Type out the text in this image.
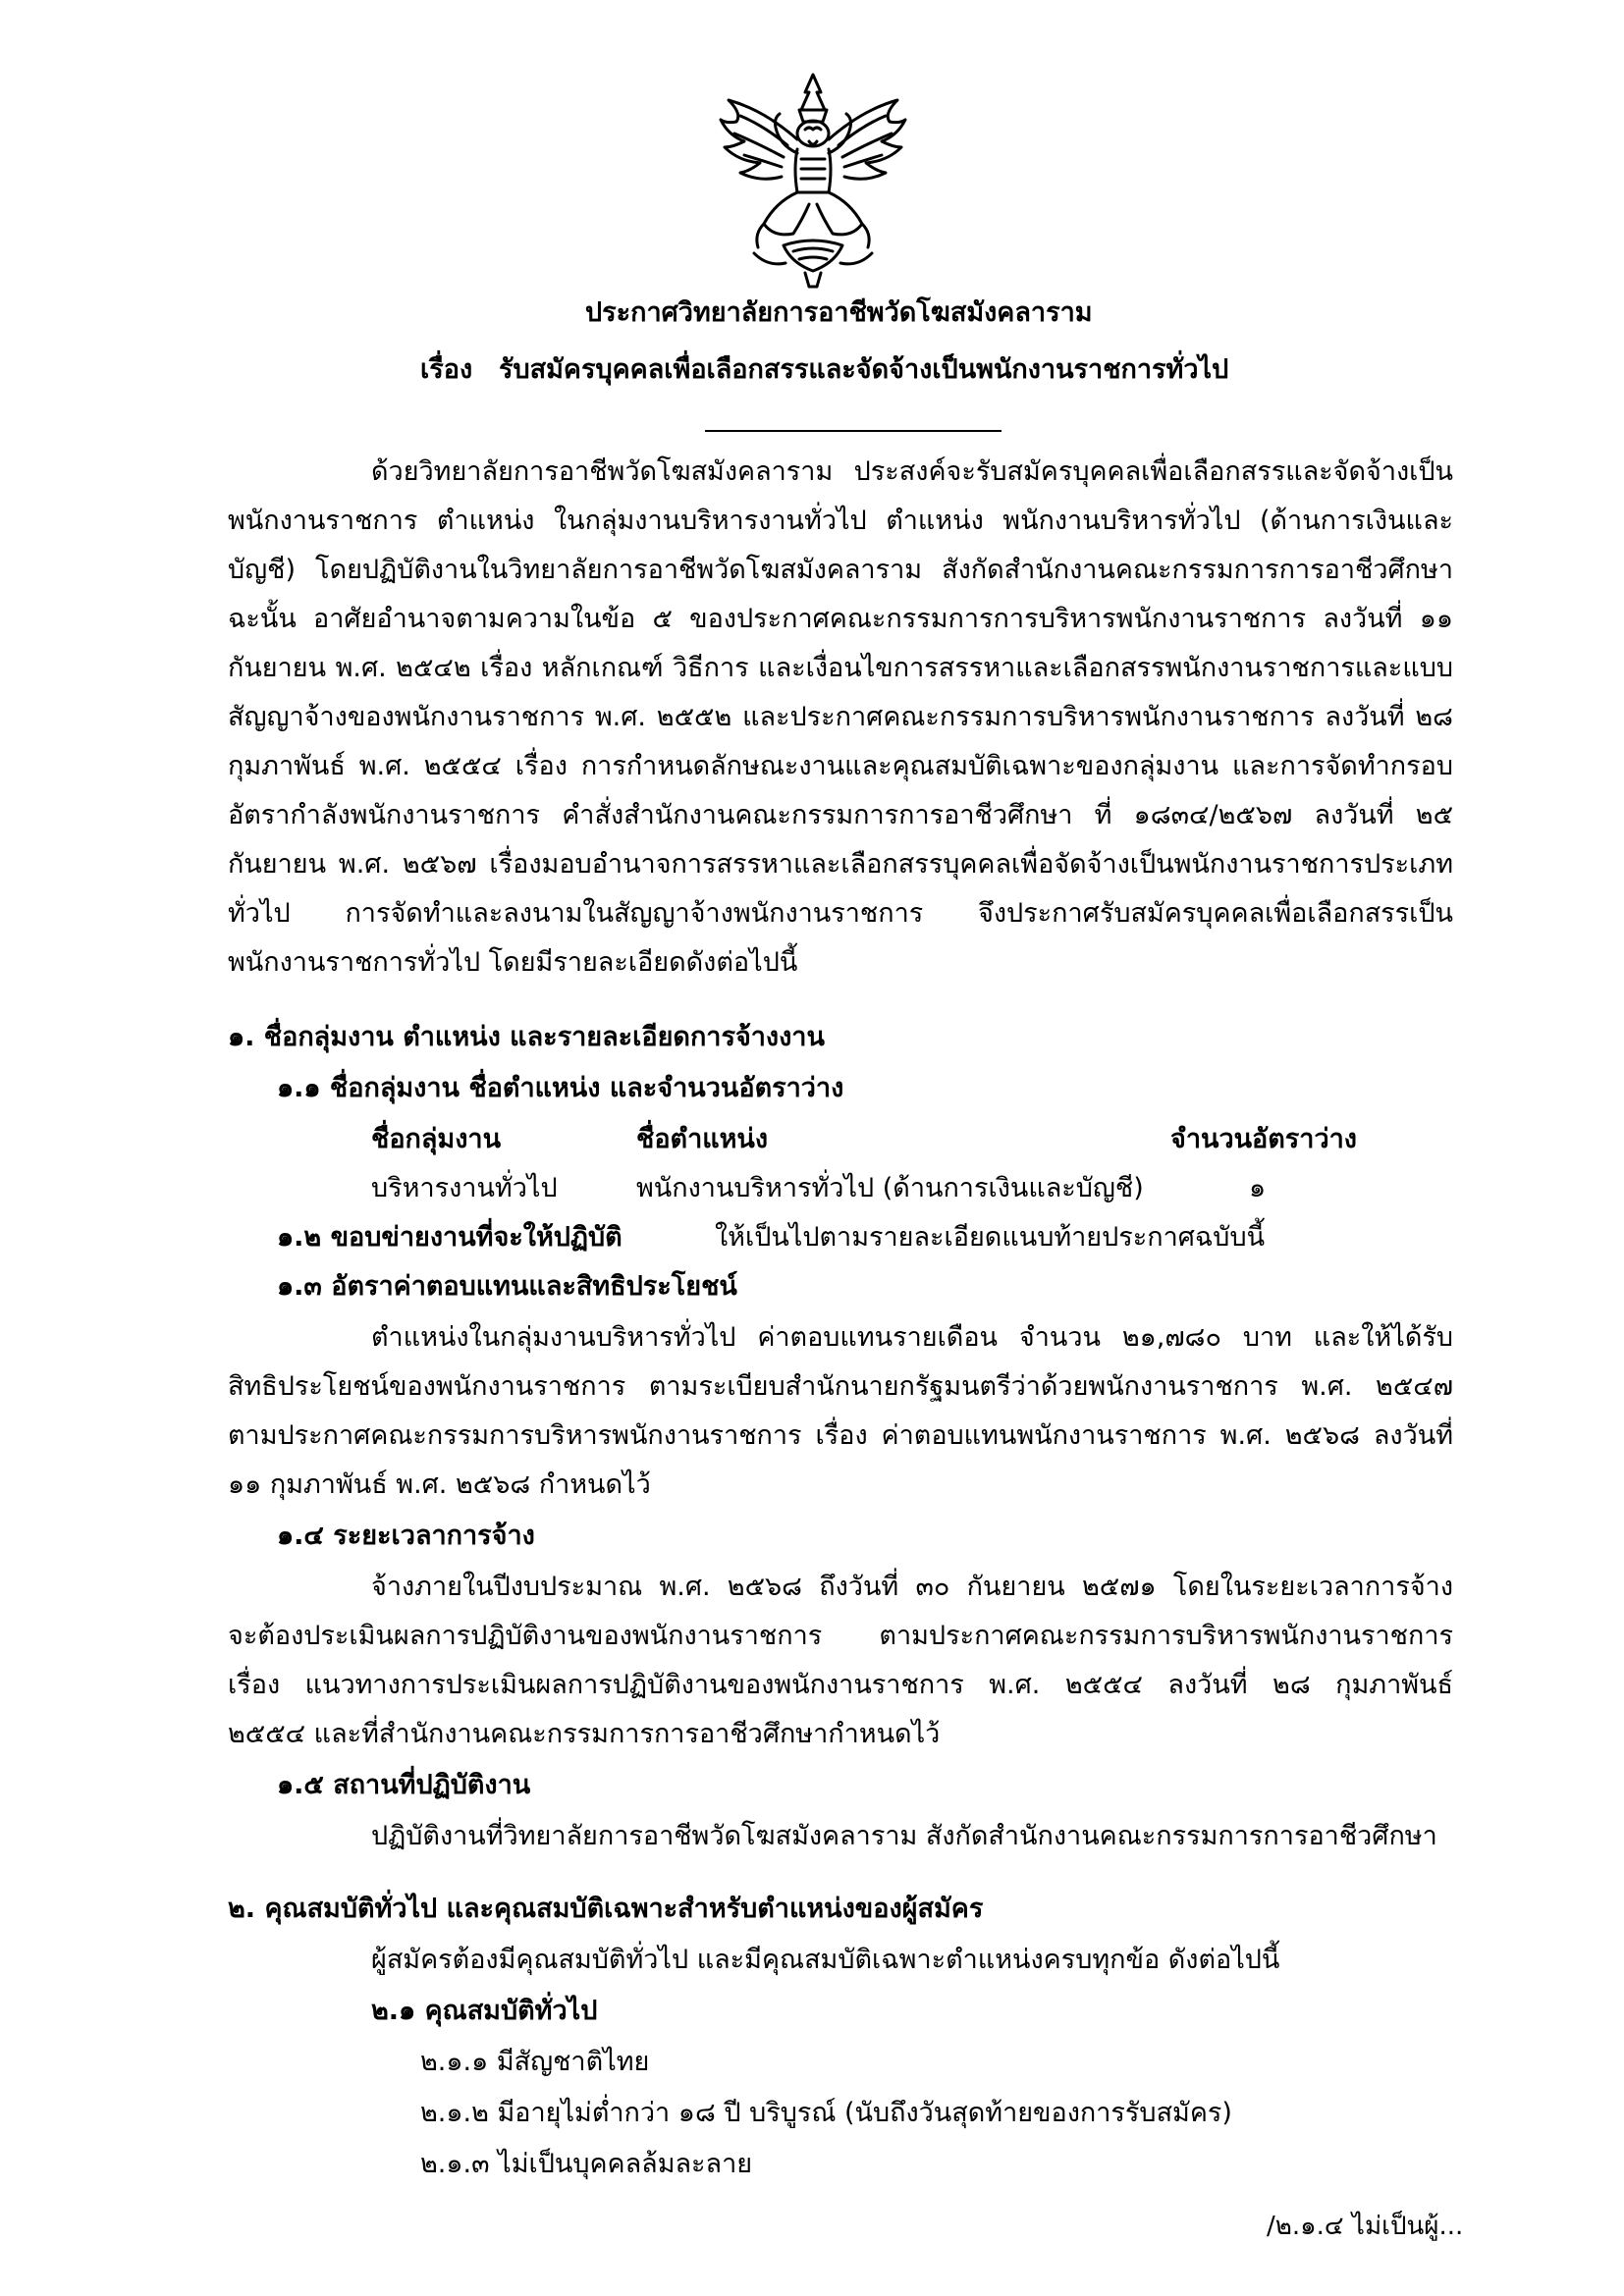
ประกาศวิทยาลัยการอาชีพวัดโฆสมังคลาราม
เรื่อง รับสมัครบุคคลเพื่อเลือกสรรและจัดจ้างเป็นพนักงานราชการทั่วไป
ด้วยวิทยาลัยการอาชีพวัดโฆสมังคลาราม ประสงค์จะรับสมัครบุคคลเพื่อเลือกสรรและจัดจ้างเป็น
พนักงานราชการ ตำแหน่ง ในกลุ่มงานบริหารงานทั่วไป ตำแหน่ง พนักงานบริหารทั่วไป (ด้านการเงินและ
บัญชี) โดยปฏิบัติงานในวิทยาลัยการอาชีพวัดโฆสมังคลาราม สังกัดสำนักงานคณะกรรมการการอาชีวศึกษา
ฉะนั้น อาศัยอำนาจตามความในข้อ ๕ ของประกาศคณะกรรมการการบริหารพนักงานราชการ ลงวันที่ ๑๑
กันยายน พ.ศ. ๒๕๔๒ เรื่อง หลักเกณฑ์ วิธีการ และเงื่อนไขการสรรหาและเลือกสรรพนักงานราชการและแบบ
สัญญาจ้างของพนักงานราชการ พ.ศ. ๒๕๕๒ และประกาศคณะกรรมการบริหารพนักงานราชการ ลงวันที่ ๒๘
กุมภาพันธ์ พ.ศ. ๒๕๕๔ เรื่อง การกำหนดลักษณะงานและคุณสมบัติเฉพาะของกลุ่มงาน และการจัดทำกรอบ
อัตรากำลังพนักงานราชการ คำสั่งสำนักงานคณะกรรมการการอาชีวศึกษา ที่ ๑๘๓๔/๒๕๖๗ ลงวันที่ ๒๕
กันยายน พ.ศ. ๒๕๖๗ เรื่องมอบอำนาจการสรรหาและเลือกสรรบุคคลเพื่อจัดจ้างเป็นพนักงานราชการประเภท
ทั่วไป การจัดทำและลงนามในสัญญาจ้างพนักงานราชการ จึงประกาศรับสมัครบุคคลเพื่อเลือกสรรเป็น
พนักงานราชการทั่วไป โดยมีรายละเอียดดังต่อไปนี้
๑. ชื่อกลุ่มงาน ตำแหน่ง และรายละเอียดการจ้างงาน
๑.๑ ชื่อกลุ่มงาน ชื่อตำแหน่ง และจำนวนอัตราว่าง
ชื่อกลุ่มงาน	ชื่อตำแหน่ง	จำนวนอัตราว่าง
บริหารงานทั่วไป	พนักงานบริหารทั่วไป (ด้านการเงินและบัญชี)	๑
๑.๒ ขอบข่ายงานที่จะให้ปฏิบัติ	ให้เป็นไปตามรายละเอียดแนบท้ายประกาศฉบับนี้
๑.๓ อัตราค่าตอบแทนและสิทธิประโยชน์
ตำแหน่งในกลุ่มงานบริหารทั่วไป ค่าตอบแทนรายเดือน จำนวน ๒๑,๗๘๐ บาท และให้ได้รับ
สิทธิประโยชน์ของพนักงานราชการ ตามระเบียบสำนักนายกรัฐมนตรีว่าด้วยพนักงานราชการ พ.ศ. ๒๕๔๗
ตามประกาศคณะกรรมการบริหารพนักงานราชการ เรื่อง ค่าตอบแทนพนักงานราชการ พ.ศ. ๒๕๖๘ ลงวันที่
๑๑ กุมภาพันธ์ พ.ศ. ๒๕๖๘ กำหนดไว้
๑.๔ ระยะเวลาการจ้าง
จ้างภายในปีงบประมาณ พ.ศ. ๒๕๖๘ ถึงวันที่ ๓๐ กันยายน ๒๕๗๑ โดยในระยะเวลาการจ้าง
จะต้องประเมินผลการปฏิบัติงานของพนักงานราชการ ตามประกาศคณะกรรมการบริหารพนักงานราชการ
เรื่อง แนวทางการประเมินผลการปฏิบัติงานของพนักงานราชการ พ.ศ. ๒๕๕๔ ลงวันที่ ๒๘ กุมภาพันธ์
๒๕๕๔ และที่สำนักงานคณะกรรมการการอาชีวศึกษากำหนดไว้
๑.๕ สถานที่ปฏิบัติงาน
ปฏิบัติงานที่วิทยาลัยการอาชีพวัดโฆสมังคลาราม สังกัดสำนักงานคณะกรรมการการอาชีวศึกษา
๒. คุณสมบัติทั่วไป และคุณสมบัติเฉพาะสำหรับตำแหน่งของผู้สมัคร
ผู้สมัครต้องมีคุณสมบัติทั่วไป และมีคุณสมบัติเฉพาะตำแหน่งครบทุกข้อ ดังต่อไปนี้
๒.๑ คุณสมบัติทั่วไป
๒.๑.๑ มีสัญชาติไทย
๒.๑.๒ มีอายุไม่ต่ำกว่า ๑๘ ปี บริบูรณ์ (นับถึงวันสุดท้ายของการรับสมัคร)
๒.๑.๓ ไม่เป็นบุคคลล้มละลาย
/๒.๑.๔ ไม่เป็นผู้...
